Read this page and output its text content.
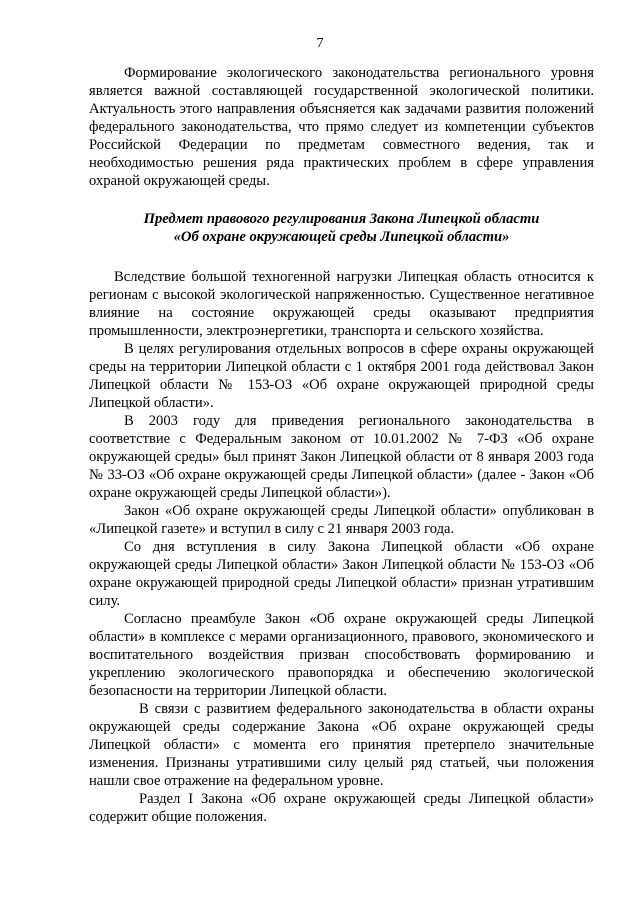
7

Формирование экологического законодательства регионального уровня является важной составляющей государственной экологической политики. Актуальность этого направления объясняется как задачами развития положений федерального законодательства, что прямо следует из компетенции субъектов Российской Федерации по предметам совместного ведения, так и необходимостью решения ряда практических проблем в сфере управления охраной окружающей среды.

Предмет правового регулирования Закона Липецкой области
«Об охране окружающей среды Липецкой области»

Вследствие большой техногенной нагрузки Липецкая область относится к регионам с высокой экологической напряженностью. Существенное негативное влияние на состояние окружающей среды оказывают предприятия промышленности, электроэнергетики, транспорта и сельского хозяйства.

В целях регулирования отдельных вопросов в сфере охраны окружающей среды на территории Липецкой области с 1 октября 2001 года действовал Закон Липецкой области № 153-ОЗ «Об охране окружающей природной среды Липецкой области».

В 2003 году для приведения регионального законодательства в соответствие с Федеральным законом от 10.01.2002 № 7-ФЗ «Об охране окружающей среды» был принят Закон Липецкой области от 8 января 2003 года № 33-ОЗ «Об охране окружающей среды Липецкой области» (далее - Закон «Об охране окружающей среды Липецкой области»).

Закон «Об охране окружающей среды Липецкой области» опубликован в «Липецкой газете» и вступил в силу с 21 января 2003 года.

Со дня вступления в силу Закона Липецкой области «Об охране окружающей среды Липецкой области» Закон Липецкой области № 153-ОЗ «Об охране окружающей природной среды Липецкой области» признан утратившим силу.

Согласно преамбуле Закон «Об охране окружающей среды Липецкой области» в комплексе с мерами организационного, правового, экономического и воспитательного воздействия призван способствовать формированию и укреплению экологического правопорядка и обеспечению экологической безопасности на территории Липецкой области.

В связи с развитием федерального законодательства в области охраны окружающей среды содержание Закона «Об охране окружающей среды Липецкой области» с момента его принятия претерпело значительные изменения. Признаны утратившими силу целый ряд статьей, чьи положения нашли свое отражение на федеральном уровне.

Раздел I Закона «Об охране окружающей среды Липецкой области» содержит общие положения.
